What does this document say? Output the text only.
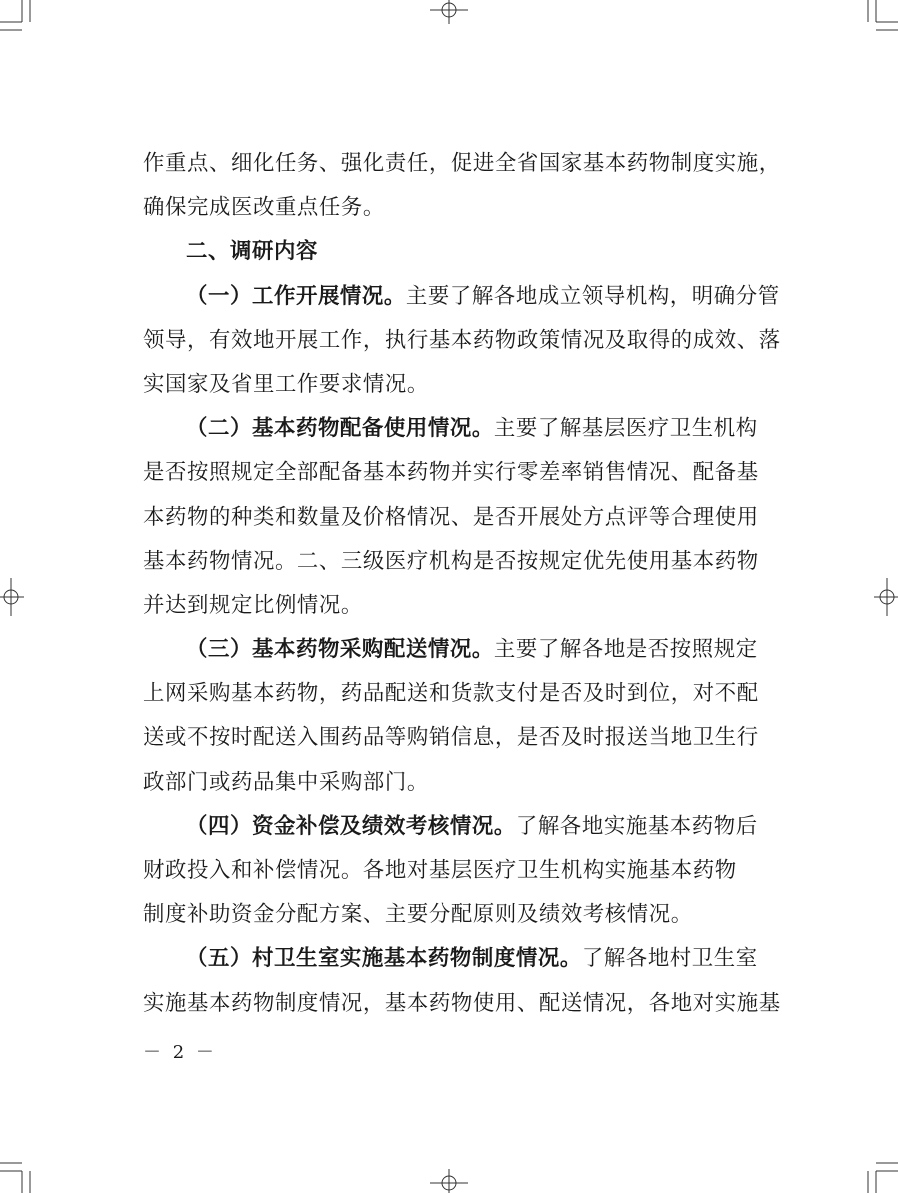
作重点、细化任务、强化责任，促进全省国家基本药物制度实施，
确保完成医改重点任务。
二、调研内容
（一）工作开展情况。主要了解各地成立领导机构，明确分管
领导，有效地开展工作，执行基本药物政策情况及取得的成效、落
实国家及省里工作要求情况。
（二）基本药物配备使用情况。主要了解基层医疗卫生机构
是否按照规定全部配备基本药物并实行零差率销售情况、配备基
本药物的种类和数量及价格情况、是否开展处方点评等合理使用
基本药物情况。二、三级医疗机构是否按规定优先使用基本药物
并达到规定比例情况。
（三）基本药物采购配送情况。主要了解各地是否按照规定
上网采购基本药物，药品配送和货款支付是否及时到位，对不配
送或不按时配送入围药品等购销信息，是否及时报送当地卫生行
政部门或药品集中采购部门。
（四）资金补偿及绩效考核情况。了解各地实施基本药物后
财政投入和补偿情况。各地对基层医疗卫生机构实施基本药物
制度补助资金分配方案、主要分配原则及绩效考核情况。
（五）村卫生室实施基本药物制度情况。了解各地村卫生室
实施基本药物制度情况，基本药物使用、配送情况，各地对实施基
－ 2 －
